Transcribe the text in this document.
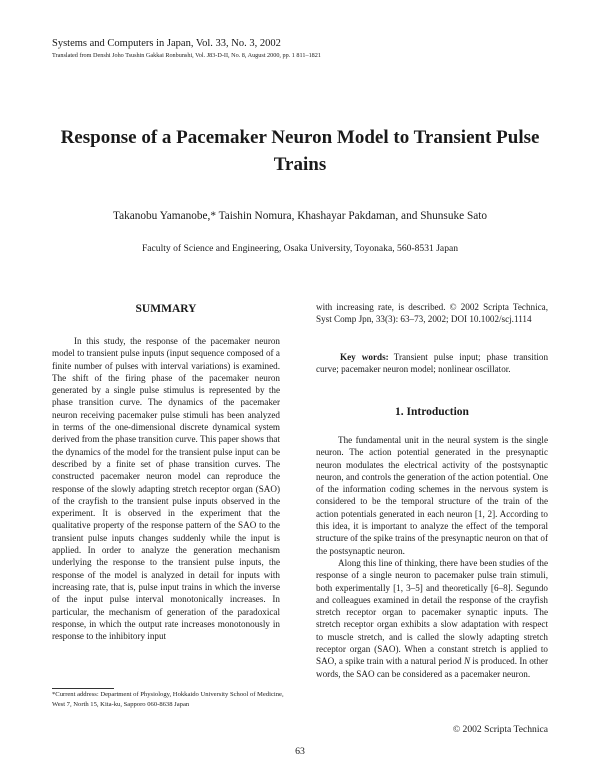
Systems and Computers in Japan, Vol. 33, No. 3, 2002
Translated from Denshi Joho Tsushin Gakkai Ronbunshi, Vol. J83-D-II, No. 8, August 2000, pp. 1 811–1821
Response of a Pacemaker Neuron Model to Transient Pulse Trains
Takanobu Yamanobe,* Taishin Nomura, Khashayar Pakdaman, and Shunsuke Sato
Faculty of Science and Engineering, Osaka University, Toyonaka, 560-8531 Japan
SUMMARY

In this study, the response of the pacemaker neuron model to transient pulse inputs (input sequence composed of a finite number of pulses with interval variations) is examined. The shift of the firing phase of the pacemaker neuron generated by a single pulse stimulus is represented by the phase transition curve. The dynamics of the pacemaker neuron receiving pacemaker pulse stimuli has been analyzed in terms of the one-dimensional discrete dynamical system derived from the phase transition curve. This paper shows that the dynamics of the model for the transient pulse input can be described by a finite set of phase transition curves. The constructed pacemaker neuron model can reproduce the response of the slowly adapting stretch receptor organ (SAO) of the crayfish to the transient pulse inputs observed in the experiment. It is observed in the experiment that the qualitative property of the response pattern of the SAO to the transient pulse inputs changes suddenly while the input is applied. In order to analyze the generation mechanism underlying the response to the transient pulse inputs, the response of the model is analyzed in detail for inputs with increasing rate, that is, pulse input trains in which the inverse of the input pulse interval monotonically increases. In particular, the mechanism of generation of the paradoxical response, in which the output rate increases monotonously in response to the inhibitory input

with increasing rate, is described. © 2002 Scripta Technica, Syst Comp Jpn, 33(3): 63–73, 2002; DOI 10.1002/scj.1114

Key words: Transient pulse input; phase transition curve; pacemaker neuron model; nonlinear oscillator.
1. Introduction

The fundamental unit in the neural system is the single neuron. The action potential generated in the presynaptic neuron modulates the electrical activity of the postsynaptic neuron, and controls the generation of the action potential. One of the information coding schemes in the nervous system is considered to be the temporal structure of the train of the action potentials generated in each neuron [1, 2]. According to this idea, it is important to analyze the effect of the temporal structure of the spike trains of the presynaptic neuron on that of the postsynaptic neuron.

Along this line of thinking, there have been studies of the response of a single neuron to pacemaker pulse train stimuli, both experimentally [1, 3–5] and theoretically [6–8]. Segundo and colleagues examined in detail the response of the crayfish stretch receptor organ to pacemaker synaptic inputs. The stretch receptor organ exhibits a slow adaptation with respect to muscle stretch, and is called the slowly adapting stretch receptor organ (SAO). When a constant stretch is applied to SAO, a spike train with a natural period N is produced. In other words, the SAO can be considered as a pacemaker neuron.

*Current address: Department of Physiology, Hokkaido University School of Medicine, West 7, North 15, Kita-ku, Sapporo 060-8638 Japan
© 2002 Scripta Technica
63
